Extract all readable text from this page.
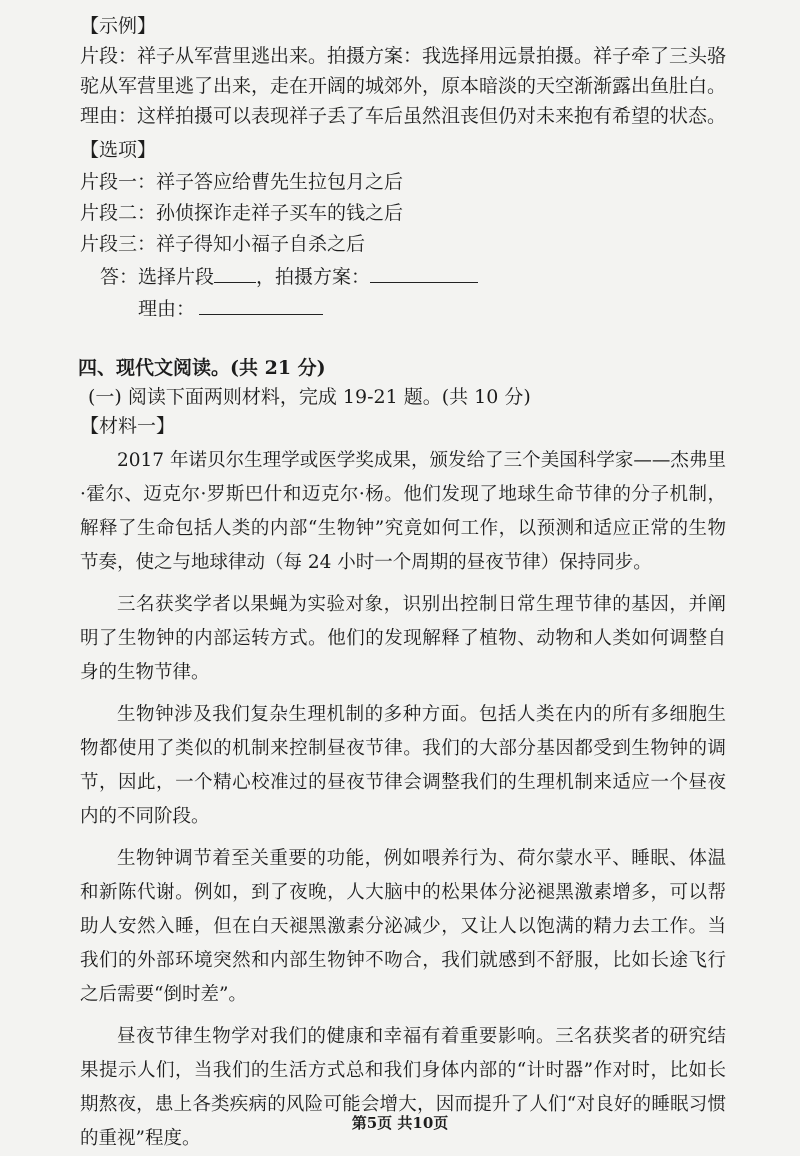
【示例】
片段：祥子从军营里逃出来。拍摄方案：我选择用远景拍摄。祥子牵了三头骆
驼从军营里逃了出来，走在开阔的城郊外，原本暗淡的天空渐渐露出鱼肚白。
理由：这样拍摄可以表现祥子丢了车后虽然沮丧但仍对未来抱有希望的状态。
【选项】
片段一：祥子答应给曹先生拉包月之后
片段二：孙侦探诈走祥子买车的钱之后
片段三：祥子得知小福子自杀之后
答：选择片段 ，拍摄方案：
理由：
四、现代文阅读。(共 21 分)
(一) 阅读下面两则材料，完成 19-21 题。(共 10 分)
【材料一】

2017 年诺贝尔生理学或医学奖成果，颁发给了三个美国科学家——杰弗里·霍尔、迈克尔·罗斯巴什和迈克尔·杨。他们发现了地球生命节律的分子机制，解释了生命包括人类的内部“生物钟”究竟如何工作，以预测和适应正常的生物节奏，使之与地球律动（每 24 小时一个周期的昼夜节律）保持同步。

三名获奖学者以果蝇为实验对象，识别出控制日常生理节律的基因，并阐明了生物钟的内部运转方式。他们的发现解释了植物、动物和人类如何调整自身的生物节律。

生物钟涉及我们复杂生理机制的多种方面。包括人类在内的所有多细胞生物都使用了类似的机制来控制昼夜节律。我们的大部分基因都受到生物钟的调节，因此，一个精心校准过的昼夜节律会调整我们的生理机制来适应一个昼夜内的不同阶段。

生物钟调节着至关重要的功能，例如喂养行为、荷尔蒙水平、睡眠、体温和新陈代谢。例如，到了夜晚，人大脑中的松果体分泌褪黑激素增多，可以帮助人安然入睡，但在白天褪黑激素分泌减少，又让人以饱满的精力去工作。当我们的外部环境突然和内部生物钟不吻合，我们就感到不舒服，比如长途飞行之后需要“倒时差”。

昼夜节律生物学对我们的健康和幸福有着重要影响。三名获奖者的研究结果提示人们，当我们的生活方式总和我们身体内部的“计时器”作对时，比如长期熬夜，患上各类疾病的风险可能会增大，因而提升了人们“对良好的睡眠习惯的重视”程度。

第5页 共10页
